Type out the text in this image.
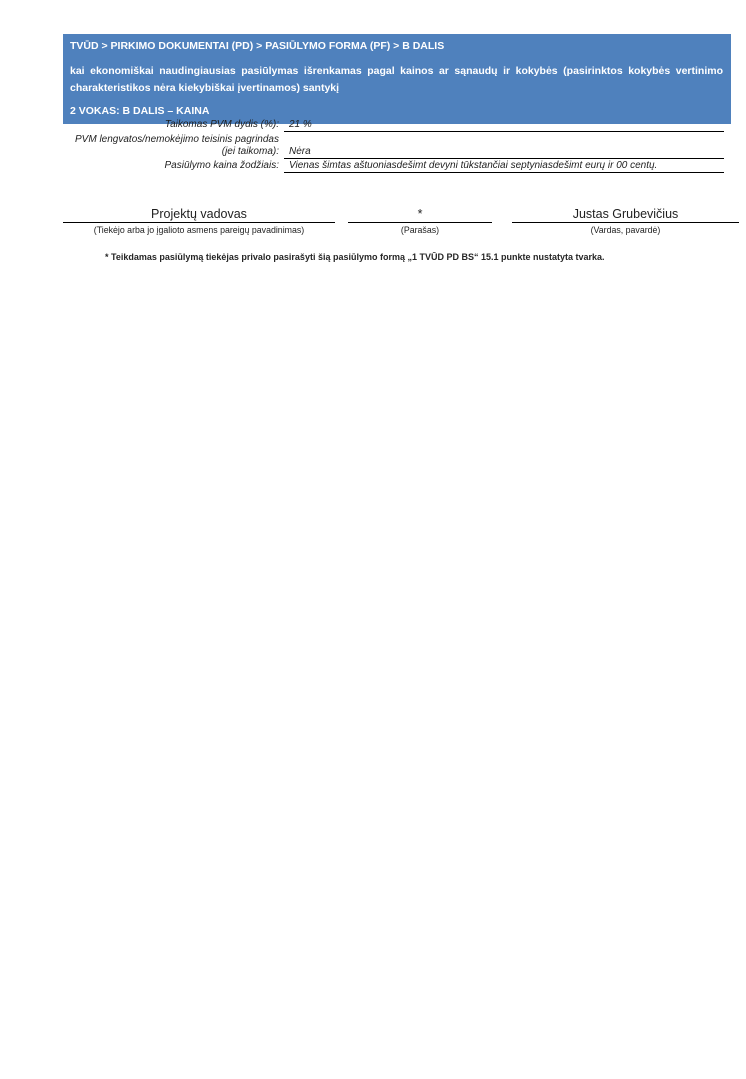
TVŪD > PIRKIMO DOKUMENTAI (PD) > PASIŪLYMO FORMA (PF) > B DALIS

kai ekonomiškai naudingiausias pasiūlymas išrenkamas pagal kainos ar sąnaudų ir kokybės (pasirinktos kokybės vertinimo charakteristikos nėra kiekybiškai įvertinamos) santykį

2 VOKAS: B DALIS – KAINA

Taikomas PVM dydis (%):	21 %
PVM lengvatos/nemokėjimo teisinis pagrindas (jei taikoma):	Nėra
Pasiūlymo kaina žodžiais:	Vienas šimtas aštuoniasdešimt devyni tūkstančiai septyniasdešimt eurų ir 00 centų.
Projektų vadovas
(Tiekėjo arba jo įgalioto asmens pareigų pavadinimas)
*
(Parašas)
Justas Grubevičius
(Vardas, pavardė)
* Teikdamas pasiūlymą tiekėjas privalo pasirašyti šią pasiūlymo formą „1 TVŪD PD BS“ 15.1 punkte nustatyta tvarka.
